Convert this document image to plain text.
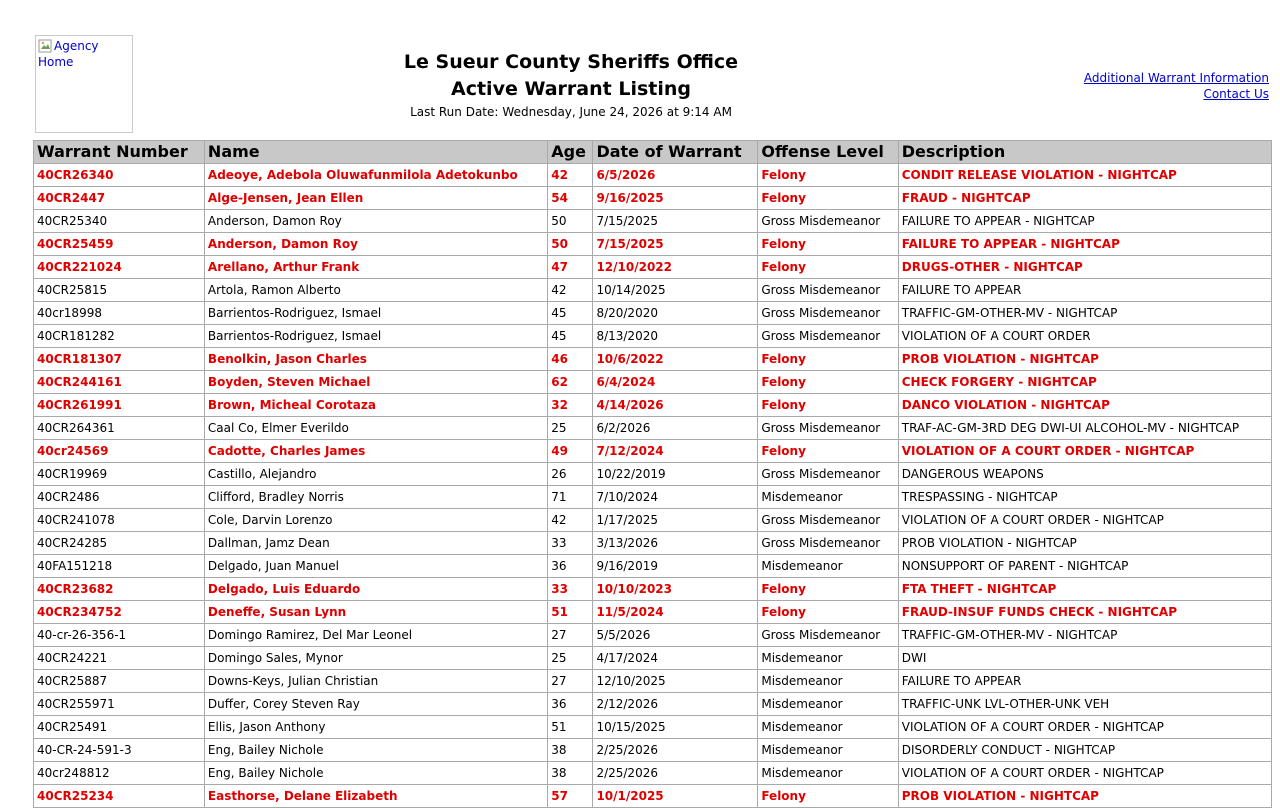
Agency Home	Le Sueur County Sheriffs Office
Active Warrant Listing
Last Run Date: Wednesday, June 24, 2026 at 9:14 AM
Additional Warrant Information
Contact Us
Warrant Number	Name	Age	Date of Warrant	Offense Level	Description
40CR26340	Adeoye, Adebola Oluwafunmilola Adetokunbo	42	6/5/2026	Felony	CONDIT RELEASE VIOLATION - NIGHTCAP
40CR2447	Alge-Jensen, Jean Ellen	54	9/16/2025	Felony	FRAUD - NIGHTCAP
40CR25340	Anderson, Damon Roy	50	7/15/2025	Gross Misdemeanor	FAILURE TO APPEAR - NIGHTCAP
40CR25459	Anderson, Damon Roy	50	7/15/2025	Felony	FAILURE TO APPEAR - NIGHTCAP
40CR221024	Arellano, Arthur Frank	47	12/10/2022	Felony	DRUGS-OTHER - NIGHTCAP
40CR25815	Artola, Ramon Alberto	42	10/14/2025	Gross Misdemeanor	FAILURE TO APPEAR
40cr18998	Barrientos-Rodriguez, Ismael	45	8/20/2020	Gross Misdemeanor	TRAFFIC-GM-OTHER-MV - NIGHTCAP
40CR181282	Barrientos-Rodriguez, Ismael	45	8/13/2020	Gross Misdemeanor	VIOLATION OF A COURT ORDER
40CR181307	Benolkin, Jason Charles	46	10/6/2022	Felony	PROB VIOLATION - NIGHTCAP
40CR244161	Boyden, Steven Michael	62	6/4/2024	Felony	CHECK FORGERY - NIGHTCAP
40CR261991	Brown, Micheal Corotaza	32	4/14/2026	Felony	DANCO VIOLATION - NIGHTCAP
40CR264361	Caal Co, Elmer Everildo	25	6/2/2026	Gross Misdemeanor	TRAF-AC-GM-3RD DEG DWI-UI ALCOHOL-MV - NIGHTCAP
40cr24569	Cadotte, Charles James	49	7/12/2024	Felony	VIOLATION OF A COURT ORDER - NIGHTCAP
40CR19969	Castillo, Alejandro	26	10/22/2019	Gross Misdemeanor	DANGEROUS WEAPONS
40CR2486	Clifford, Bradley Norris	71	7/10/2024	Misdemeanor	TRESPASSING - NIGHTCAP
40CR241078	Cole, Darvin Lorenzo	42	1/17/2025	Gross Misdemeanor	VIOLATION OF A COURT ORDER - NIGHTCAP
40CR24285	Dallman, Jamz Dean	33	3/13/2026	Gross Misdemeanor	PROB VIOLATION - NIGHTCAP
40FA151218	Delgado, Juan Manuel	36	9/16/2019	Misdemeanor	NONSUPPORT OF PARENT - NIGHTCAP
40CR23682	Delgado, Luis Eduardo	33	10/10/2023	Felony	FTA THEFT - NIGHTCAP
40CR234752	Deneffe, Susan Lynn	51	11/5/2024	Felony	FRAUD-INSUF FUNDS CHECK - NIGHTCAP
40-cr-26-356-1	Domingo Ramirez, Del Mar Leonel	27	5/5/2026	Gross Misdemeanor	TRAFFIC-GM-OTHER-MV - NIGHTCAP
40CR24221	Domingo Sales, Mynor	25	4/17/2024	Misdemeanor	DWI
40CR25887	Downs-Keys, Julian Christian	27	12/10/2025	Misdemeanor	FAILURE TO APPEAR
40CR255971	Duffer, Corey Steven Ray	36	2/12/2026	Misdemeanor	TRAFFIC-UNK LVL-OTHER-UNK VEH
40CR25491	Ellis, Jason Anthony	51	10/15/2025	Misdemeanor	VIOLATION OF A COURT ORDER - NIGHTCAP
40-CR-24-591-3	Eng, Bailey Nichole	38	2/25/2026	Misdemeanor	DISORDERLY CONDUCT - NIGHTCAP
40cr248812	Eng, Bailey Nichole	38	2/25/2026	Misdemeanor	VIOLATION OF A COURT ORDER - NIGHTCAP
40CR25234	Easthorse, Delane Elizabeth	57	10/1/2025	Felony	PROB VIOLATION - NIGHTCAP
